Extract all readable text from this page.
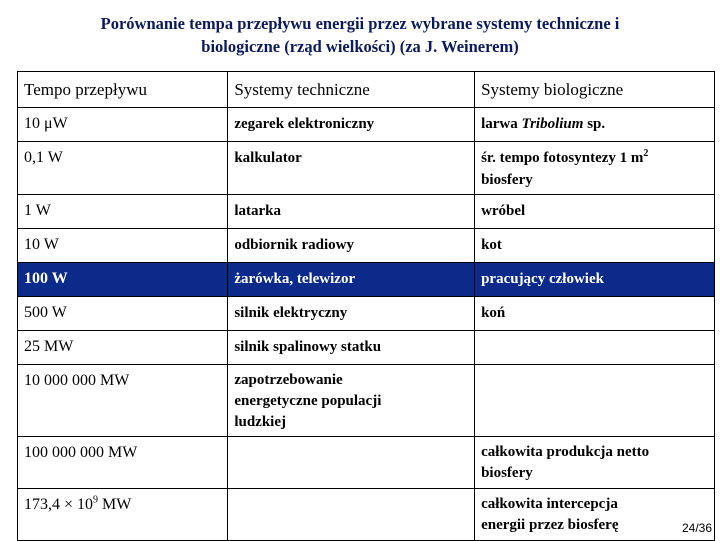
Porównanie tempa przepływu energii przez wybrane systemy techniczne i
biologiczne (rząd wielkości) (za J. Weinerem)
Tempo przepływu	Systemy techniczne	Systemy biologiczne
10 μW	zegarek elektroniczny	larwa Tribolium sp.
0,1 W	kalkulator	śr. tempo fotosyntezy 1 $m^2$
biosfery
1 W	latarka	wróbel
10 W	odbiornik radiowy	kot
100 W	żarówka, telewizor	pracujący człowiek
500 W	silnik elektryczny	koń
25 MW	silnik spalinowy statku	
10 000 000 MW	zapotrzebowanie energetyczne populacji ludzkiej	

100 000 000 MW		całkowita produkcja netto biosfery

$173,4 \times 10^9$ MW		całkowita intercepcja energii przez biosferę	24/36
